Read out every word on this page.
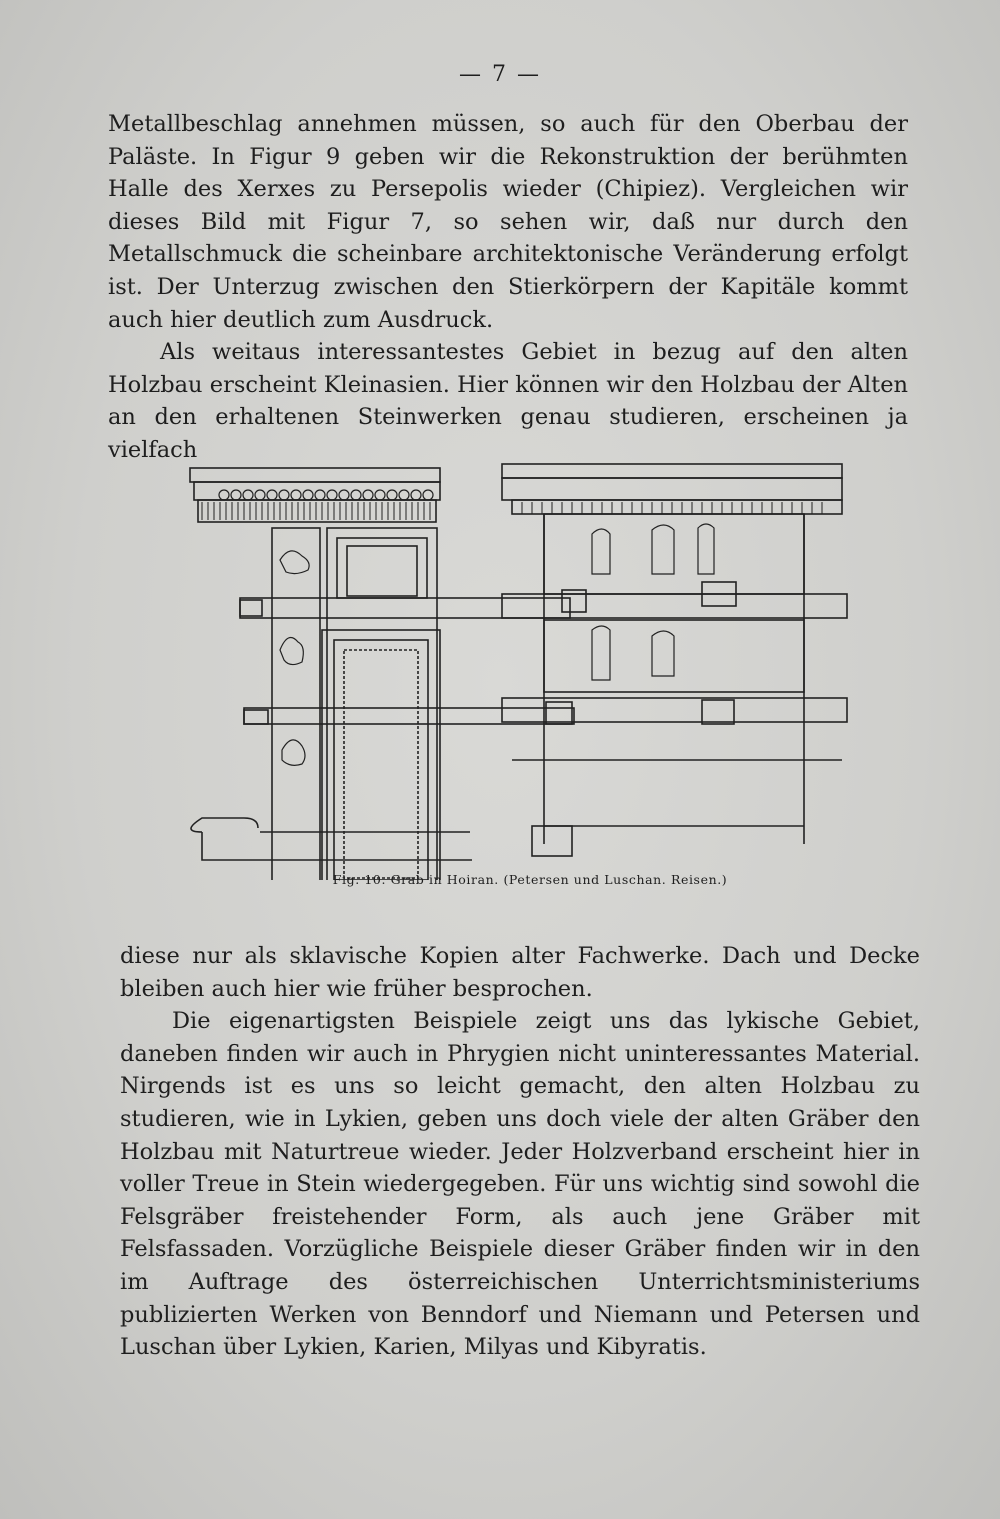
— 7 —

Metallbeschlag annehmen müssen, so auch für den Oberbau der Paläste. In Figur 9 geben wir die Rekonstruktion der berühmten Halle des Xerxes zu Persepolis wieder (Chipiez). Vergleichen wir dieses Bild mit Figur 7, so sehen wir, daß nur durch den Metallschmuck die scheinbare architektonische Veränderung erfolgt ist. Der Unterzug zwischen den Stierkörpern der Kapitäle kommt auch hier deutlich zum Ausdruck.

Als weitaus interessantestes Gebiet in bezug auf den alten Holzbau erscheint Kleinasien. Hier können wir den Holzbau der Alten an den erhaltenen Steinwerken genau studieren, erscheinen ja vielfach

Fig. 10. Grab in Hoiran. (Petersen und Luschan. Reisen.)

diese nur als sklavische Kopien alter Fachwerke. Dach und Decke bleiben auch hier wie früher besprochen.

Die eigenartigsten Beispiele zeigt uns das lykische Gebiet, daneben finden wir auch in Phrygien nicht uninteressantes Material. Nirgends ist es uns so leicht gemacht, den alten Holzbau zu studieren, wie in Lykien, geben uns doch viele der alten Gräber den Holzbau mit Naturtreue wieder. Jeder Holzverband erscheint hier in voller Treue in Stein wiedergegeben. Für uns wichtig sind sowohl die Felsgräber freistehender Form, als auch jene Gräber mit Felsfassaden. Vorzügliche Beispiele dieser Gräber finden wir in den im Auftrage des österreichischen Unterrichtsministeriums publizierten Werken von Benndorf und Niemann und Petersen und Luschan über Lykien, Karien, Milyas und Kibyratis.
